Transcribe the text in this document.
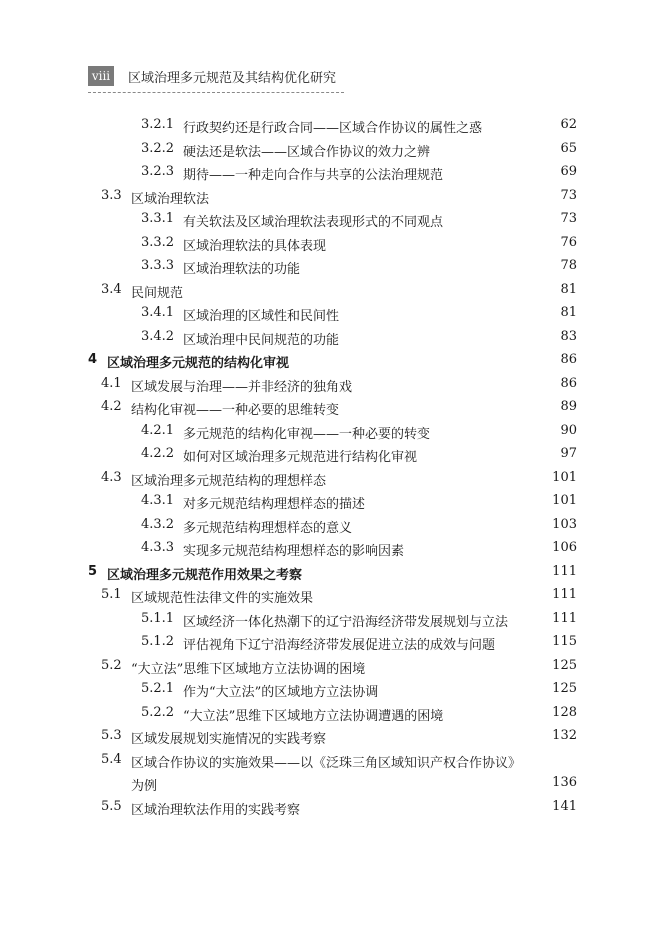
viii 区域治理多元规范及其结构优化研究
3.2.1 行政契约还是行政合同——区域合作协议的属性之惑	62
3.2.2 硬法还是软法——区域合作协议的效力之辨	65
3.2.3 期待——一种走向合作与共享的公法治理规范	69
3.3 区域治理软法	73
3.3.1 有关软法及区域治理软法表现形式的不同观点	73
3.3.2 区域治理软法的具体表现	76
3.3.3 区域治理软法的功能	78
3.4 民间规范	81
3.4.1 区域治理的区域性和民间性	81
3.4.2 区域治理中民间规范的功能	83
4 区域治理多元规范的结构化审视	86
4.1 区域发展与治理——并非经济的独角戏	86
4.2 结构化审视——一种必要的思维转变	89
4.2.1 多元规范的结构化审视——一种必要的转变	90
4.2.2 如何对区域治理多元规范进行结构化审视	97
4.3 区域治理多元规范结构的理想样态	101
4.3.1 对多元规范结构理想样态的描述	101
4.3.2 多元规范结构理想样态的意义	103
4.3.3 实现多元规范结构理想样态的影响因素	106
5 区域治理多元规范作用效果之考察	111
5.1 区域规范性法律文件的实施效果	111
5.1.1 区域经济一体化热潮下的辽宁沿海经济带发展规划与立法	111
5.1.2 评估视角下辽宁沿海经济带发展促进立法的成效与问题	115
5.2 “大立法”思维下区域地方立法协调的困境	125
5.2.1 作为“大立法”的区域地方立法协调	125
5.2.2 “大立法”思维下区域地方立法协调遭遇的困境	128
5.3 区域发展规划实施情况的实践考察	132
5.4 区域合作协议的实施效果——以《泛珠三角区域知识产权合作协议》
为例	136
5.5 区域治理软法作用的实践考察	141
